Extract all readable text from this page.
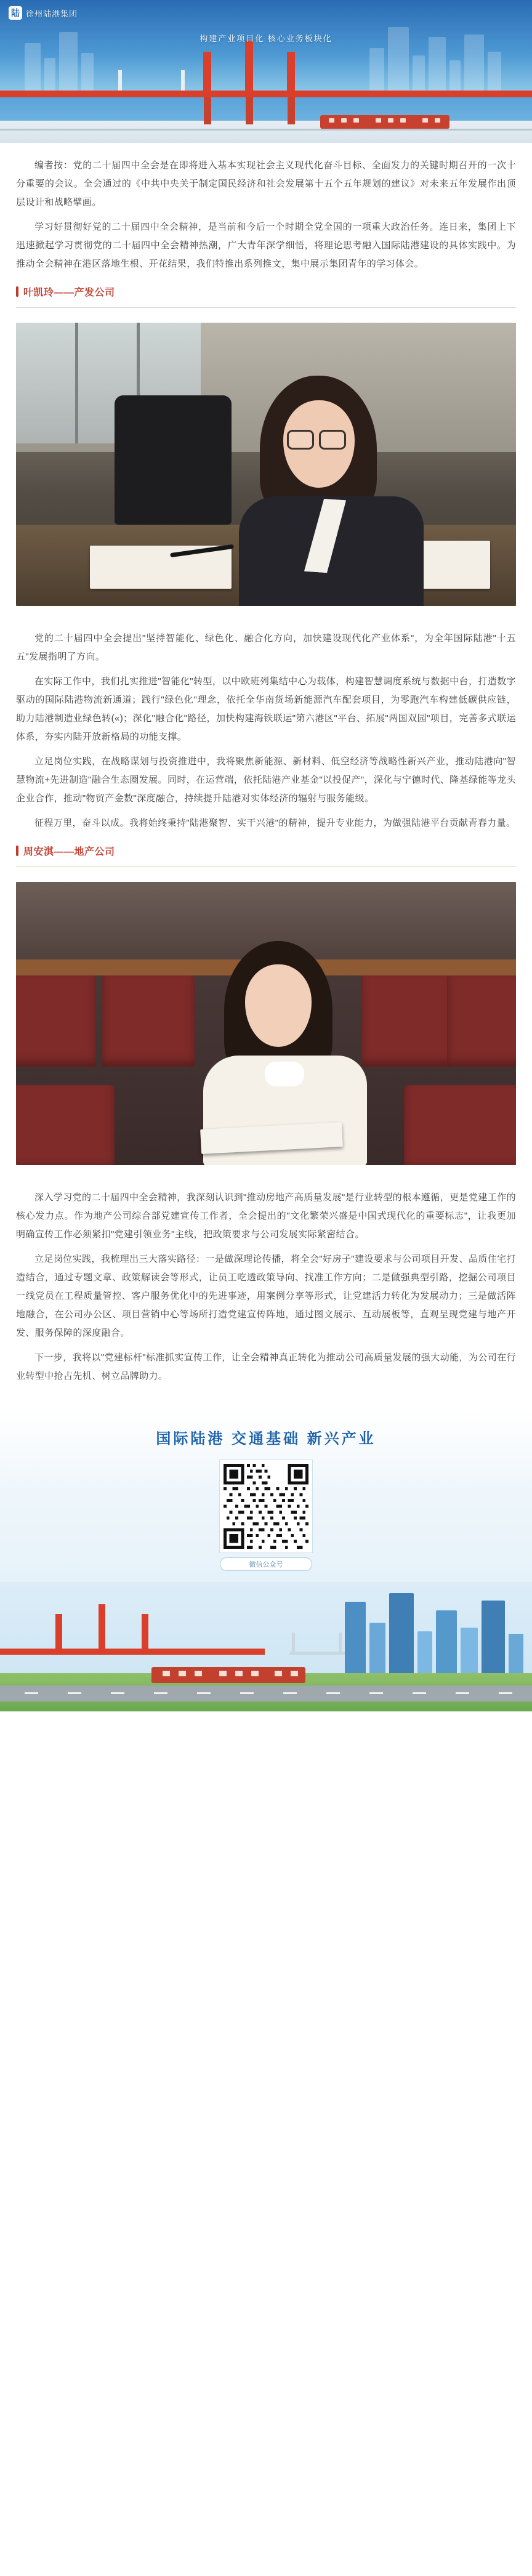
陆 徐州陆港集团
构建产业项目化 核心业务板块化

编者按：党的二十届四中全会是在即将进入基本实现社会主义现代化奋斗目标、全面发力的关键时期召开的一次十分重要的会议。全会通过的《中共中央关于制定国民经济和社会发展第十五个五年规划的建议》对未来五年发展作出顶层设计和战略擘画。

学习好贯彻好党的二十届四中全会精神，是当前和今后一个时期全党全国的一项重大政治任务。连日来，集团上下迅速掀起学习贯彻党的二十届四中全会精神热潮，广大青年深学细悟，将理论思考融入国际陆港建设的具体实践中。为推动全会精神在港区落地生根、开花结果，我们特推出系列推文，集中展示集团青年的学习体会。

叶凯玲——产发公司

党的二十届四中全会提出"坚持智能化、绿色化、融合化方向，加快建设现代化产业体系"，为全年国际陆港"十五五"发展指明了方向。

在实际工作中，我们扎实推进"智能化"转型，以中欧班列集结中心为载体，构建智慧调度系统与数据中台，打造数字驱动的国际陆港物流新通道；践行"绿色化"理念，依托全华南货场新能源汽车配套项目，为零跑汽车构建低碳供应链，助力陆港制造业绿色转(«)；深化"融合化"路径，加快构建海铁联运"第六港区"平台、拓展"两国双园"项目，完善多式联运体系，夯实内陆开放新格局的功能支撑。

立足岗位实践，在战略谋划与投资推进中，我将聚焦新能源、新材料、低空经济等战略性新兴产业，推动陆港向"智慧物流+先进制造"融合生态圈发展。同时，在运营端，依托陆港产业基金"以投促产"，深化与宁德时代、隆基绿能等龙头企业合作，推动"物贸产金数"深度融合，持续提升陆港对实体经济的辐射与服务能级。

征程万里，奋斗以成。我将始终秉持"陆港聚智、实干兴港"的精神，提升专业能力，为做强陆港平台贡献青春力量。

周安淇——地产公司

深入学习党的二十届四中全会精神，我深刻认识到"推动房地产高质量发展"是行业转型的根本遵循，更是党建工作的核心发力点。作为地产公司综合部党建宣传工作者，全会提出的"文化繁荣兴盛是中国式现代化的重要标志"，让我更加明确宣传工作必须紧扣"党建引领业务"主线，把政策要求与公司发展实际紧密结合。

立足岗位实践，我梳理出三大落实路径：一是做深理论传播，将全会"好房子"建设要求与公司项目开发、品质住宅打造结合，通过专题文章、政策解读会等形式，让员工吃透政策导向、找准工作方向；二是做强典型引路，挖掘公司项目一线党员在工程质量管控、客户服务优化中的先进事迹，用案例分享等形式，让党建活力转化为发展动力；三是做活阵地融合，在公司办公区、项目营销中心等场所打造党建宣传阵地，通过图文展示、互动展板等，直观呈现党建与地产开发、服务保障的深度融合。

下一步，我将以"党建标杆"标准抓实宣传工作，让全会精神真正转化为推动公司高质量发展的强大动能，为公司在行业转型中抢占先机、树立品牌助力。

国际陆港 交通基础 新兴产业
微信公众号
